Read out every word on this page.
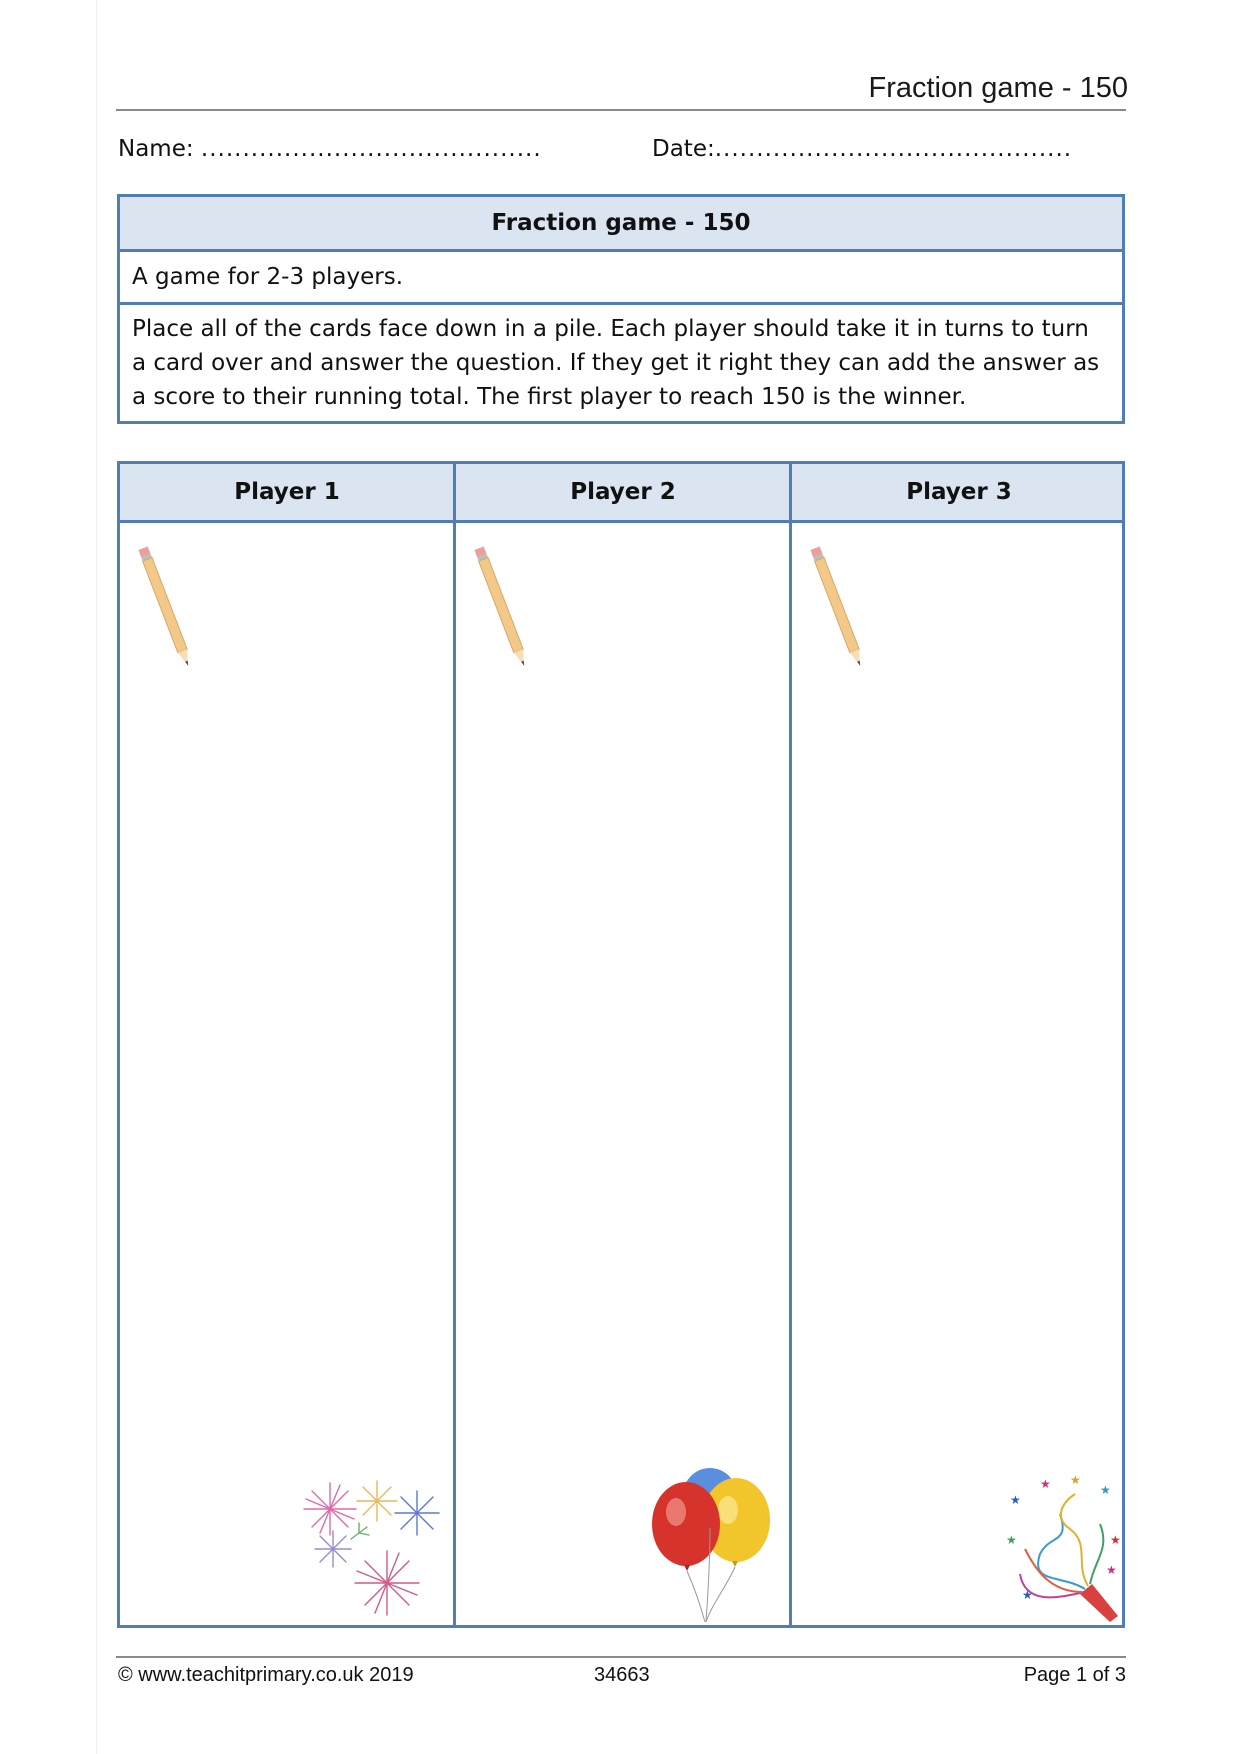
Fraction game - 150
Name: .........................................	Date:...........................................
Fraction game - 150
A game for 2-3 players.
Place all of the cards face down in a pile. Each player should take it in turns to turn a card over and answer the question. If they get it right they can add the answer as a score to their running total. The first player to reach 150 is the winner.
Player 1	Player 2	Player 3
★
★ ★
★
★	★
★
★
© www.teachitprimary.co.uk 2019	34663	Page 1 of 3
